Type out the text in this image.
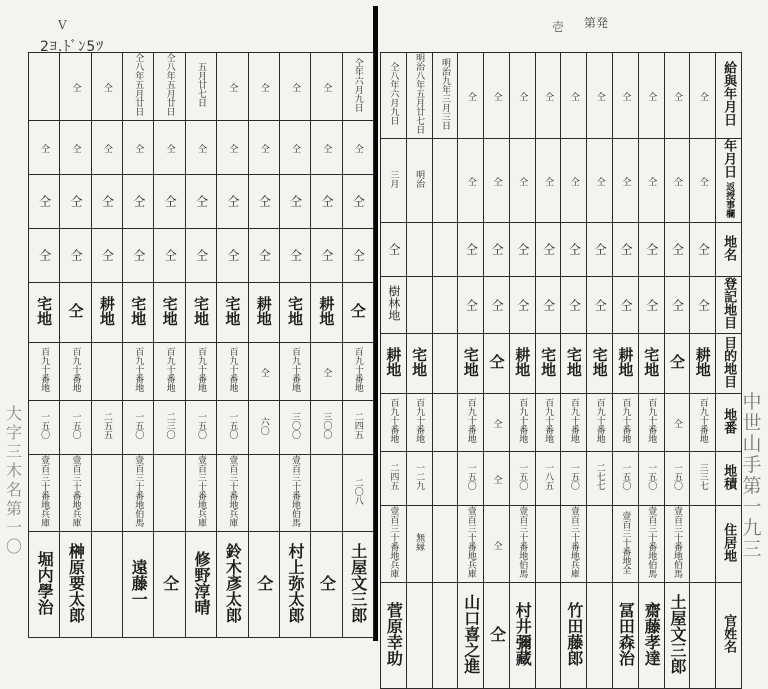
2ﾖ.ﾄﾞﾝ5ﾂ
第発
V	壱
中世山手第一九三
大字三木名第一〇
	仝	仝	仝八年五月廿日	仝八年五月廿日	五月廿七日	仝	仝	仝	仝	仝年六月九日
仝	仝	仝	仝	仝	仝	仝	仝	仝	仝	仝
仝	仝	仝	仝	仝	仝	仝	仝	仝	仝	仝
仝	仝	仝	仝	仝	仝	仝	仝	仝	仝	仝
宅地	仝	耕地	宅地	宅地	宅地	宅地	耕地	宅地	耕地	仝
百九十番地	百九十番地		百九十番地	百九十番地	百九十番地	百九十番地	仝	百九十番地	仝	百九十番地
一五〇	一五〇	二五五	一五〇	二三〇	一五〇	一五〇	六〇	三〇〇	三〇〇	二四五
壹百三十番地兵庫	壹百三十番地兵庫		壹百三十番地伯馬		壹百三十番地兵庫	壹百三十番地兵庫		壹百三十番地伯馬		二〇八
堀内學治	榊原要太郎		遠藤一	仝	修野淳晴	鈴木彥太郎	仝	村上弥太郎	仝	土屋文三郎
仝八年六月九日	明治八年五月廿七日	明治九年三月三日	仝	仝	仝	仝	仝	仝	仝	仝	仝	仝	給與年月日
三月	明治		仝	仝	仝	仝	仝	仝	仝	仝	仝	仝	年月日返授事欄
仝			仝	仝	仝	仝	仝	仝	仝	仝	仝	仝	地名
樹林地			仝	仝	仝	仝	仝	仝	仝	仝	仝	仝	登記地目
耕地	宅地		宅地	仝	耕地	宅地	宅地	宅地	耕地	宅地	仝	耕地	目的地目
百九十番地	百九十番地		百九十番地	仝	百九十番地	百九十番地	百九十番地	百九十番地	百九十番地	百九十番地	仝	百九十番地	地番
二四五	一二九		一五〇	仝	一五〇	一八五	一五〇	二七七	一五〇	一五〇	一五〇	三三七	地積
壹百三十番地兵庫	無縁		壹百三十番地兵庫	仝	壹百三十番地伯馬		壹百三十番地兵庫		壹百三十番地全	壹百三十番地伯馬	壹百三十番地伯馬		住居地
菅原幸助			山口喜之進	仝	村井彌藏		竹田藤郎		冨田森治	齋藤孝達	土屋文三郎		官姓名
